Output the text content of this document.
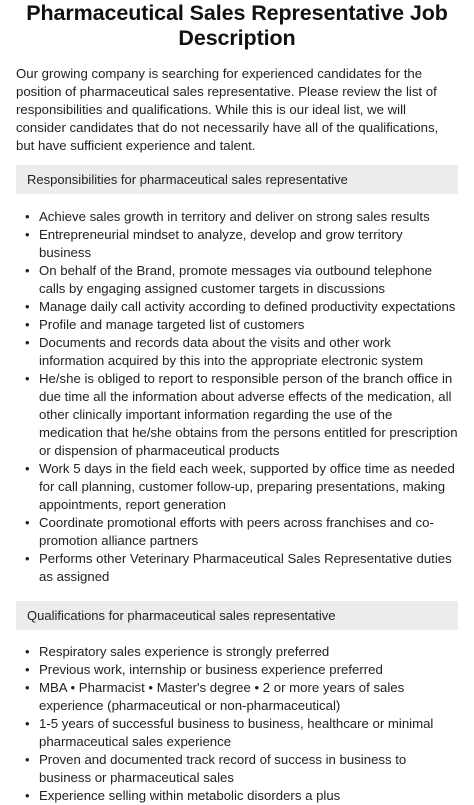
Pharmaceutical Sales Representative Job Description

Our growing company is searching for experienced candidates for the position of pharmaceutical sales representative. Please review the list of responsibilities and qualifications. While this is our ideal list, we will consider candidates that do not necessarily have all of the qualifications, but have sufficient experience and talent.

Responsibilities for pharmaceutical sales representative
• Achieve sales growth in territory and deliver on strong sales results
• Entrepreneurial mindset to analyze, develop and grow territory business
• On behalf of the Brand, promote messages via outbound telephone calls by engaging assigned customer targets in discussions
• Manage daily call activity according to defined productivity expectations
• Profile and manage targeted list of customers
• Documents and records data about the visits and other work information acquired by this into the appropriate electronic system
• He/she is obliged to report to responsible person of the branch office in due time all the information about adverse effects of the medication, all other clinically important information regarding the use of the medication that he/she obtains from the persons entitled for prescription or dispension of pharmaceutical products
• Work 5 days in the field each week, supported by office time as needed for call planning, customer follow-up, preparing presentations, making appointments, report generation
• Coordinate promotional efforts with peers across franchises and co-promotion alliance partners
• Performs other Veterinary Pharmaceutical Sales Representative duties as assigned
Qualifications for pharmaceutical sales representative
• Respiratory sales experience is strongly preferred
• Previous work, internship or business experience preferred
• MBA • Pharmacist • Master's degree • 2 or more years of sales experience (pharmaceutical or non-pharmaceutical)
• 1-5 years of successful business to business, healthcare or minimal pharmaceutical sales experience
• Proven and documented track record of success in business to business or pharmaceutical sales
• Experience selling within metabolic disorders a plus
